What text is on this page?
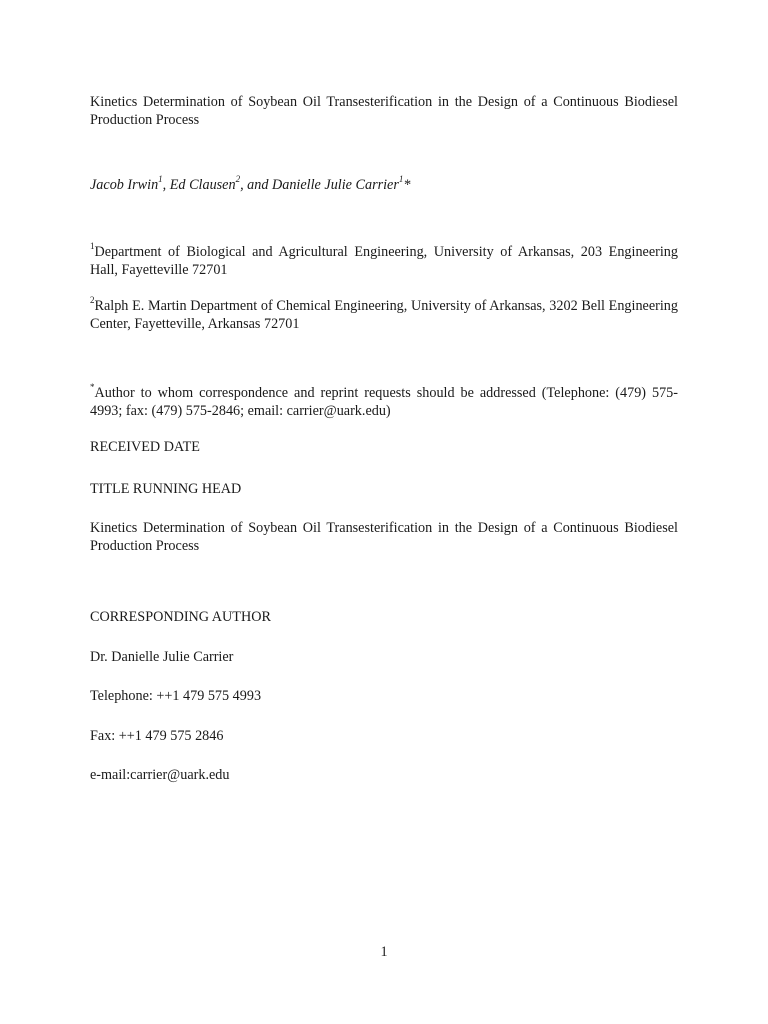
Kinetics Determination of Soybean Oil Transesterification in the Design of a Continuous Biodiesel Production Process

Jacob Irwin$^1$, Ed Clausen$^2$, and Danielle Julie Carrier$^1$*

$^1$Department of Biological and Agricultural Engineering, University of Arkansas, 203 Engineering Hall, Fayetteville 72701

$^2$Ralph E. Martin Department of Chemical Engineering, University of Arkansas, 3202 Bell Engineering Center, Fayetteville, Arkansas 72701

*Author to whom correspondence and reprint requests should be addressed (Telephone: (479) 575-4993; fax: (479) 575-2846; email: carrier@uark.edu)

RECEIVED DATE

TITLE RUNNING HEAD

Kinetics Determination of Soybean Oil Transesterification in the Design of a Continuous Biodiesel Production Process

CORRESPONDING AUTHOR

Dr. Danielle Julie Carrier

Telephone: ++1 479 575 4993

Fax: ++1 479 575 2846

e-mail:carrier@uark.edu

1
